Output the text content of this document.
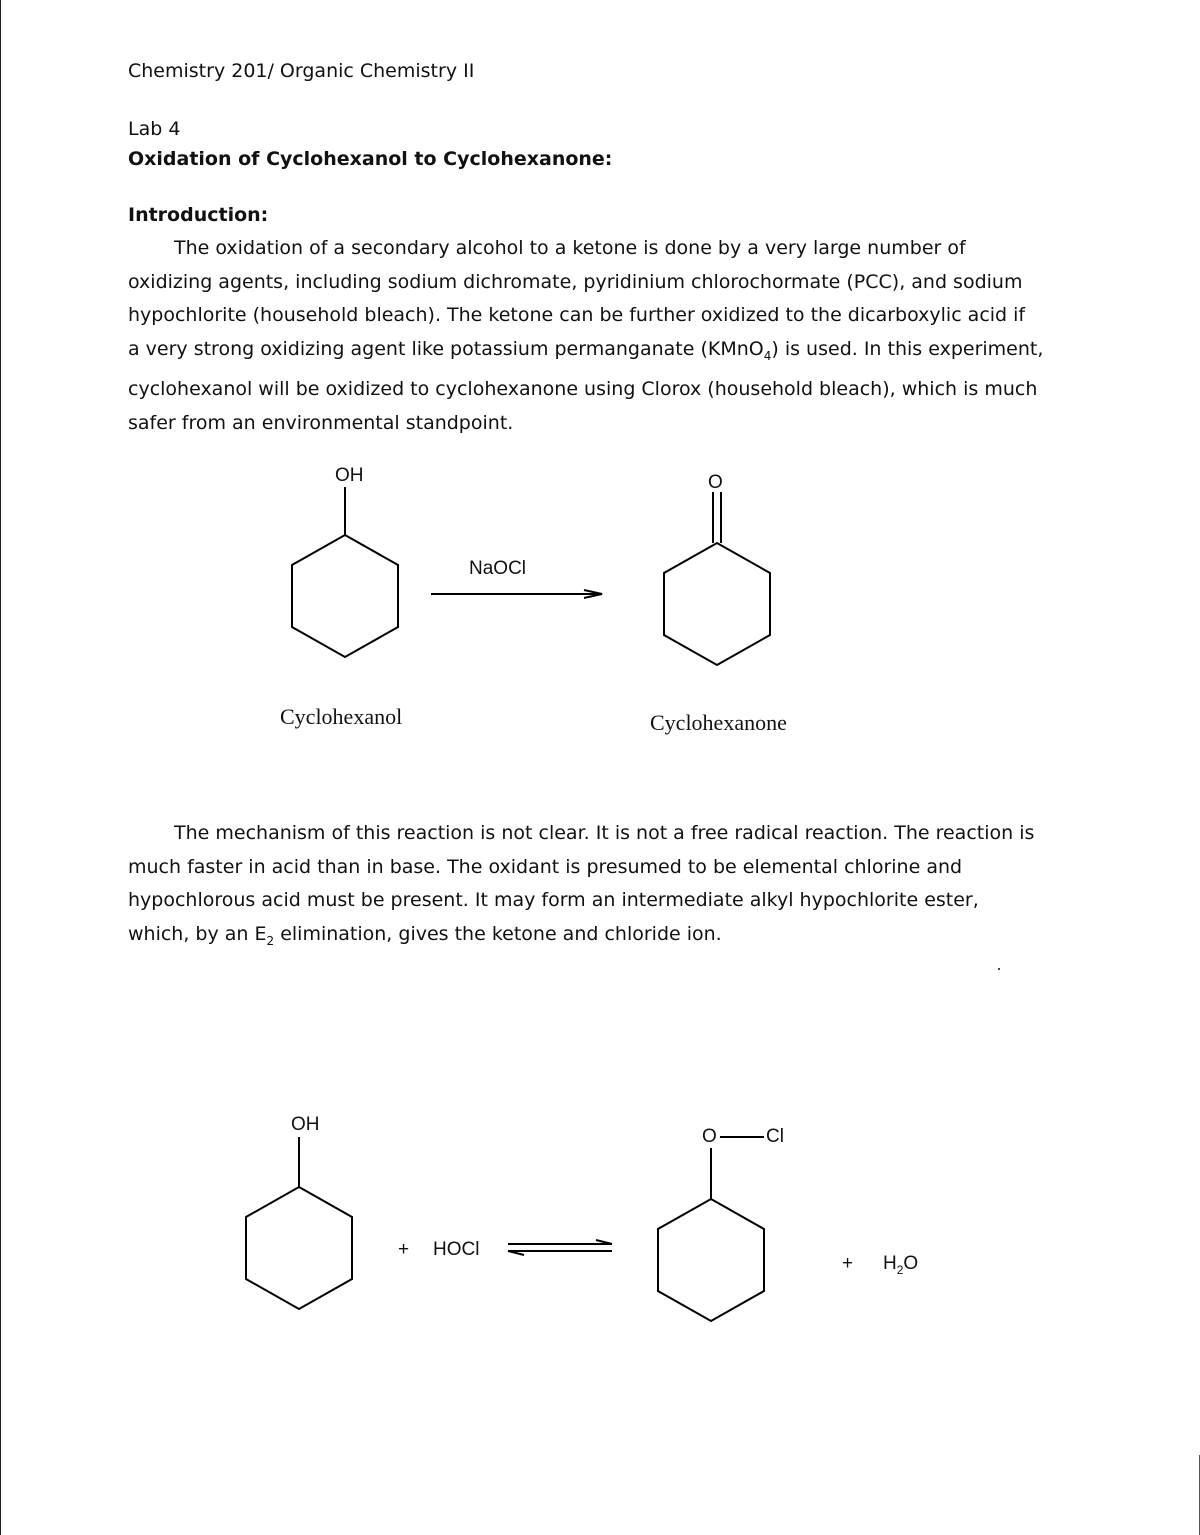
Chemistry 201/ Organic Chemistry II
Lab 4
Oxidation of Cyclohexanol to Cyclohexanone:
Introduction:
The oxidation of a secondary alcohol to a ketone is done by a very large number of
oxidizing agents, including sodium dichromate, pyridinium chlorochormate (PCC), and sodium
hypochlorite (household bleach). The ketone can be further oxidized to the dicarboxylic acid if
a very strong oxidizing agent like potassium permanganate (KMnO$_4$) is used. In this experiment,
cyclohexanol will be oxidized to cyclohexanone using Clorox (household bleach), which is much
safer from an environmental standpoint.
OH
NaOCl
O
Cyclohexanol	Cyclohexanone
The mechanism of this reaction is not clear. It is not a free radical reaction. The reaction is
much faster in acid than in base. The oxidant is presumed to be elemental chlorine and
hypochlorous acid must be present. It may form an intermediate alkyl hypochlorite ester,
which, by an $E_2$ elimination, gives the ketone and chloride ion.
OH
+ HOCl
O	Cl
+ $H_2O$
